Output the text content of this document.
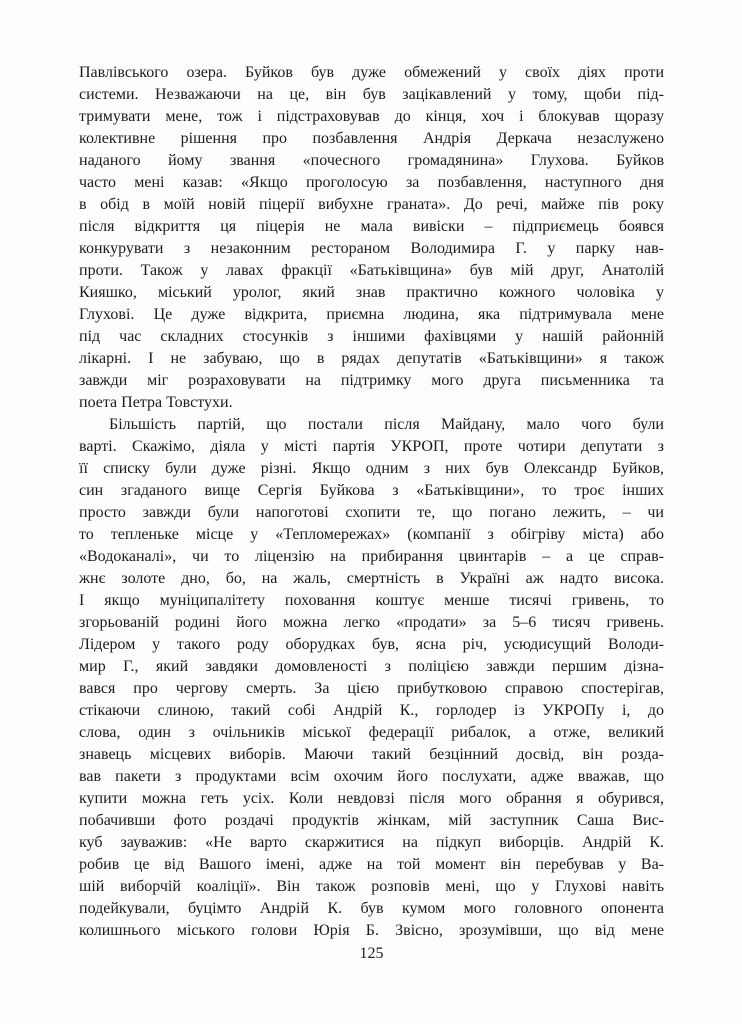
Павлівського озера. Буйков був дуже обмежений у своїх діях проти
системи. Незважаючи на це, він був зацікавлений у тому, щоби під-
тримувати мене, тож і підстраховував до кінця, хоч і блокував щоразу
колективне рішення про позбавлення Андрія Деркача незаслужено
наданого йому звання «почесного громадянина» Глухова. Буйков
часто мені казав: «Якщо проголосую за позбавлення, наступного дня
в обід в моїй новій піцерії вибухне граната». До речі, майже пів року
після відкриття ця піцерія не мала вивіски – підприємець боявся
конкурувати з незаконним рестораном Володимира Г. у парку нав-
проти. Також у лавах фракції «Батьківщина» був мій друг, Анатолій
Кияшко, міський уролог, який знав практично кожного чоловіка у
Глухові. Це дуже відкрита, приємна людина, яка підтримувала мене
під час складних стосунків з іншими фахівцями у нашій районній
лікарні. І не забуваю, що в рядах депутатів «Батьківщини» я також
завжди міг розраховувати на підтримку мого друга письменника та
поета Петра Товстухи.
Більшість партій, що постали після Майдану, мало чого були
варті. Скажімо, діяла у місті партія УКРОП, проте чотири депутати з
її списку були дуже різні. Якщо одним з них був Олександр Буйков,
син згаданого вище Сергія Буйкова з «Батьківщини», то троє інших
просто завжди були напоготові схопити те, що погано лежить, – чи
то тепленьке місце у «Тепломережах» (компанії з обігріву міста) або
«Водоканалі», чи то ліцензію на прибирання цвинтарів – а це справ-
жнє золоте дно, бо, на жаль, смертність в Україні аж надто висока.
І якщо муніципалітету поховання коштує менше тисячі гривень, то
згорьованій родині його можна легко «продати» за 5–6 тисяч гривень.
Лідером у такого роду оборудках був, ясна річ, усюдисущий Володи-
мир Г., який завдяки домовленості з поліцією завжди першим дізна-
вався про чергову смерть. За цією прибутковою справою спостерігав,
стікаючи слиною, такий собі Андрій К., горлодер із УКРОПу і, до
слова, один з очільників міської федерації рибалок, а отже, великий
знавець місцевих виборів. Маючи такий безцінний досвід, він розда-
вав пакети з продуктами всім охочим його послухати, адже вважав, що
купити можна геть усіх. Коли невдовзі після мого обрання я обурився,
побачивши фото роздачі продуктів жінкам, мій заступник Саша Вис-
куб зауважив: «Не варто скаржитися на підкуп виборців. Андрій К.
робив це від Вашого імені, адже на той момент він перебував у Ва-
шій виборчій коаліції». Він також розповів мені, що у Глухові навіть
подейкували, буцімто Андрій К. був кумом мого головного опонента
колишнього міського голови Юрія Б. Звісно, зрозумівши, що від мене
125
